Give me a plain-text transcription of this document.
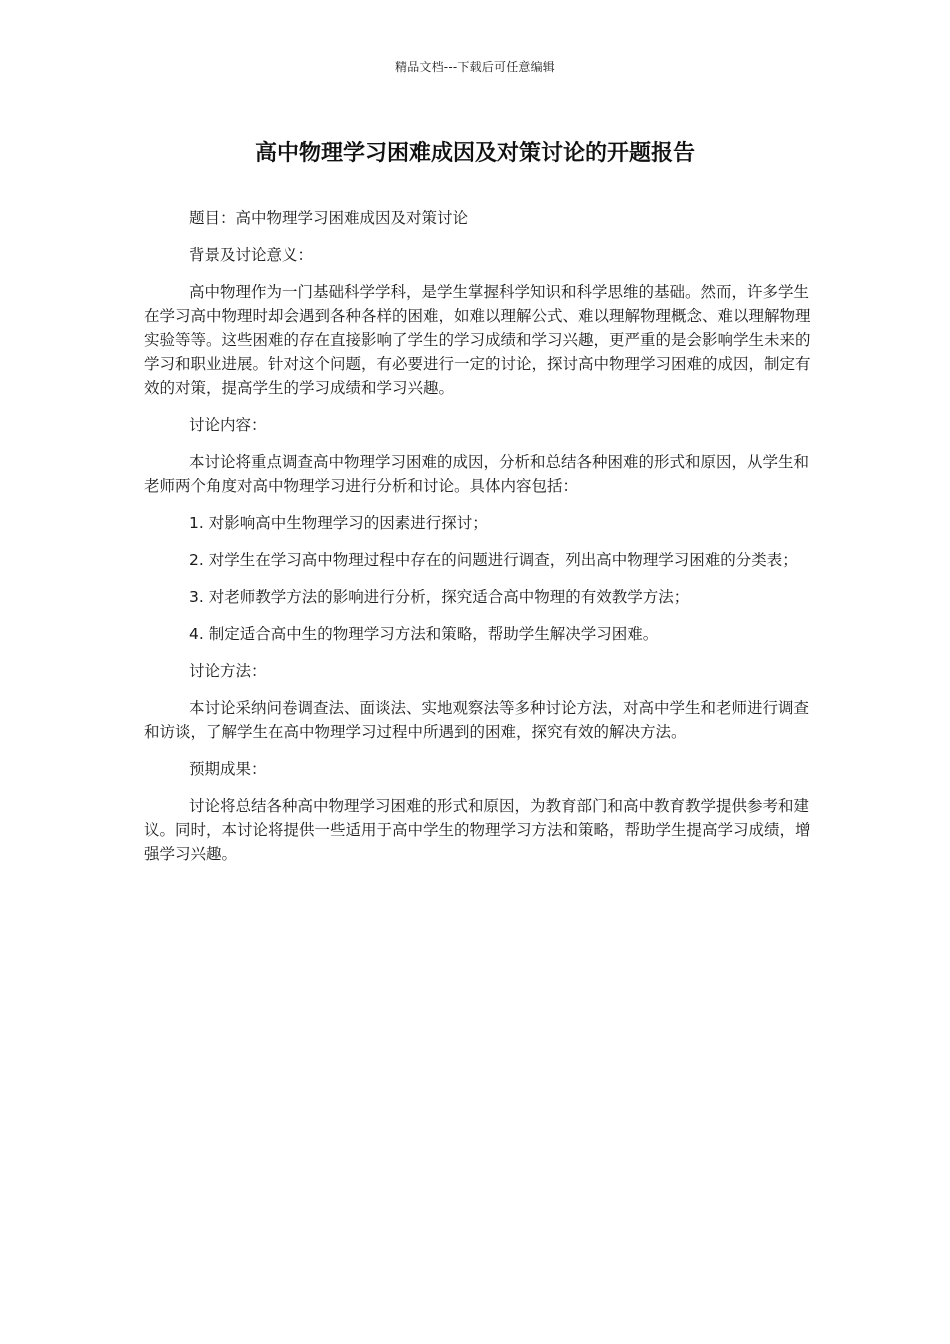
精品文档---下载后可任意编辑
高中物理学习困难成因及对策讨论的开题报告

题目：高中物理学习困难成因及对策讨论

背景及讨论意义：

高中物理作为一门基础科学学科，是学生掌握科学知识和科学思维的基础。然而，许多学生在学习高中物理时却会遇到各种各样的困难，如难以理解公式、难以理解物理概念、难以理解物理实验等等。这些困难的存在直接影响了学生的学习成绩和学习兴趣，更严重的是会影响学生未来的学习和职业进展。针对这个问题，有必要进行一定的讨论，探讨高中物理学习困难的成因，制定有效的对策，提高学生的学习成绩和学习兴趣。

讨论内容：

本讨论将重点调查高中物理学习困难的成因，分析和总结各种困难的形式和原因，从学生和老师两个角度对高中物理学习进行分析和讨论。具体内容包括：

1. 对影响高中生物理学习的因素进行探讨；

2. 对学生在学习高中物理过程中存在的问题进行调查，列出高中物理学习困难的分类表；

3. 对老师教学方法的影响进行分析，探究适合高中物理的有效教学方法；

4. 制定适合高中生的物理学习方法和策略，帮助学生解决学习困难。

讨论方法：

本讨论采纳问卷调查法、面谈法、实地观察法等多种讨论方法，对高中学生和老师进行调查和访谈，了解学生在高中物理学习过程中所遇到的困难，探究有效的解决方法。

预期成果：

讨论将总结各种高中物理学习困难的形式和原因，为教育部门和高中教育教学提供参考和建议。同时，本讨论将提供一些适用于高中学生的物理学习方法和策略，帮助学生提高学习成绩，增强学习兴趣。
